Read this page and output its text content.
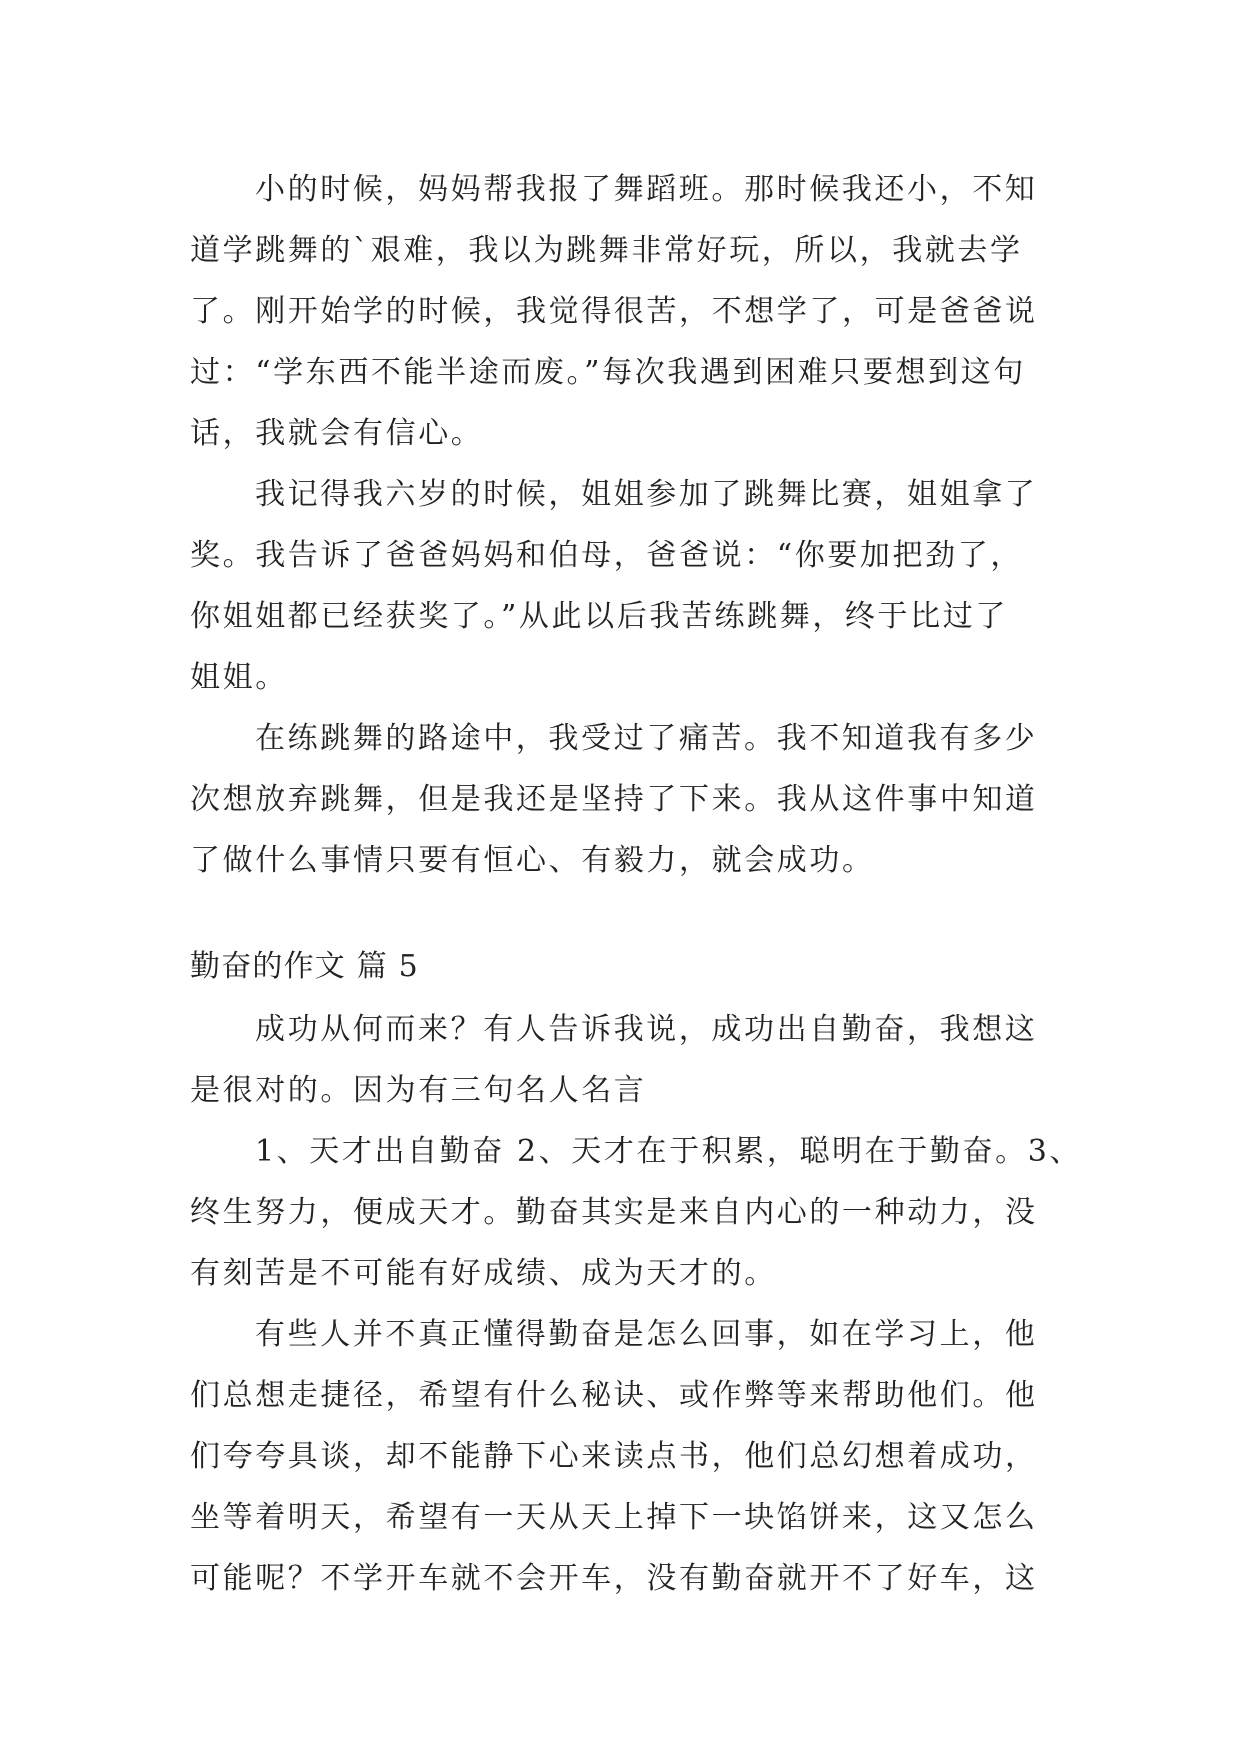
小的时候，妈妈帮我报了舞蹈班。那时候我还小，不知
道学跳舞的`艰难，我以为跳舞非常好玩，所以，我就去学
了。刚开始学的时候，我觉得很苦，不想学了，可是爸爸说
过：“学东西不能半途而废。”每次我遇到困难只要想到这句
话，我就会有信心。
我记得我六岁的时候，姐姐参加了跳舞比赛，姐姐拿了
奖。我告诉了爸爸妈妈和伯母，爸爸说：“你要加把劲了，
你姐姐都已经获奖了。”从此以后我苦练跳舞，终于比过了
姐姐。
在练跳舞的路途中，我受过了痛苦。我不知道我有多少
次想放弃跳舞，但是我还是坚持了下来。我从这件事中知道
了做什么事情只要有恒心、有毅力，就会成功。
勤奋的作文 篇 5
成功从何而来？有人告诉我说，成功出自勤奋，我想这
是很对的。因为有三句名人名言
1、天才出自勤奋 2、天才在于积累，聪明在于勤奋。3、
终生努力，便成天才。勤奋其实是来自内心的一种动力，没
有刻苦是不可能有好成绩、成为天才的。
有些人并不真正懂得勤奋是怎么回事，如在学习上，他
们总想走捷径，希望有什么秘诀、或作弊等来帮助他们。他
们夸夸具谈，却不能静下心来读点书，他们总幻想着成功，
坐等着明天，希望有一天从天上掉下一块馅饼来，这又怎么
可能呢？不学开车就不会开车，没有勤奋就开不了好车，这
